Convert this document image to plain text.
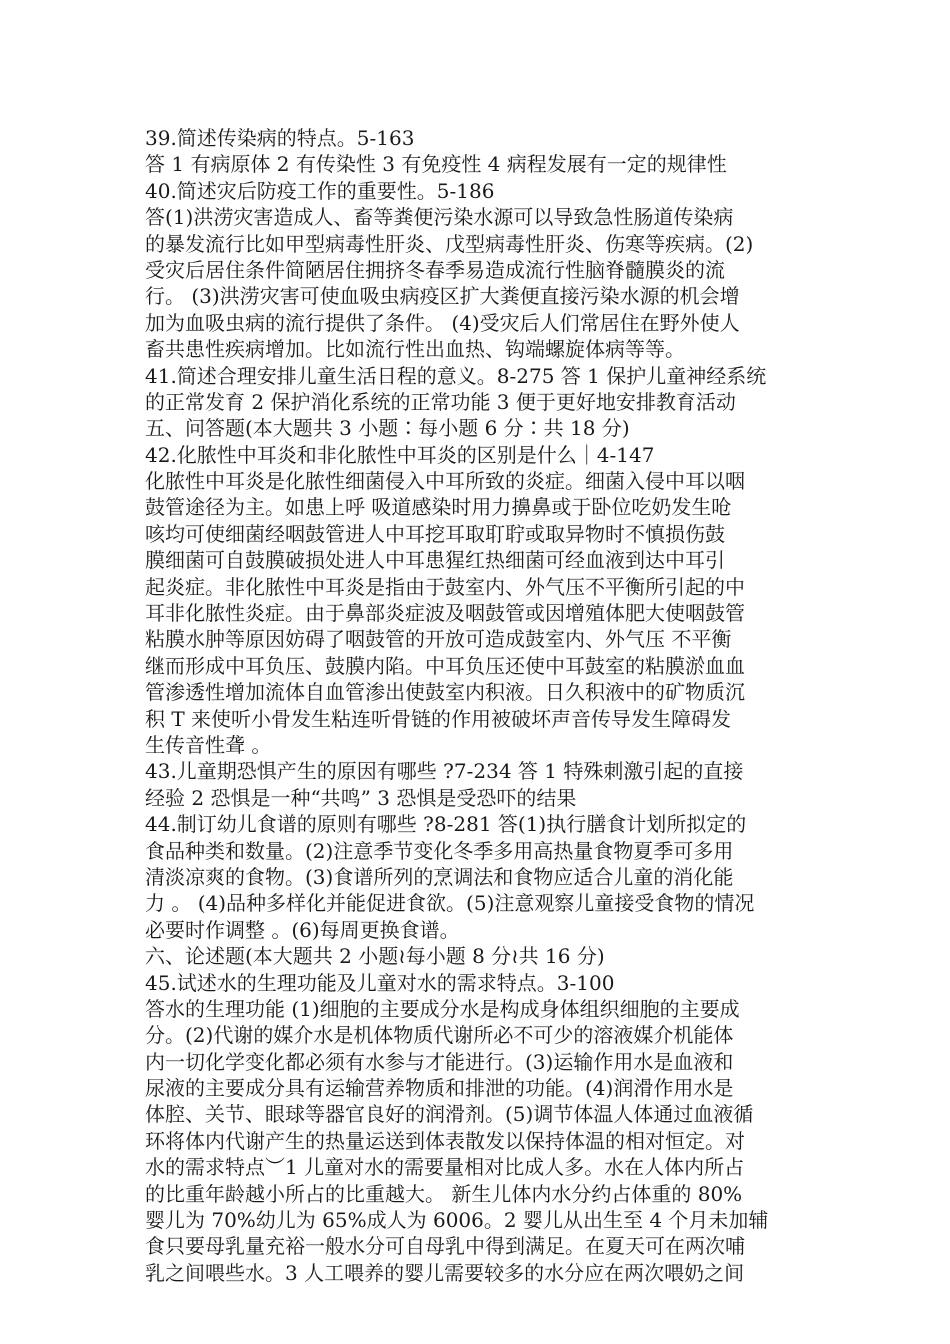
39.简述传染病的特点。5-163
答 1 有病原体 2 有传染性 3 有免疫性 4 病程发展有一定的规律性
40.简述灾后防疫工作的重要性。5-186
答(1)洪涝灾害造成人、畜等粪便污染水源可以导致急性肠道传染病
的暴发流行比如甲型病毒性肝炎、戊型病毒性肝炎、伤寒等疾病。(2)
受灾后居住条件简陋居住拥挤冬春季易造成流行性脑脊髓膜炎的流
行。 (3)洪涝灾害可使血吸虫病疫区扩大粪便直接污染水源的机会增
加为血吸虫病的流行提供了条件。 (4)受灾后人们常居住在野外使人
畜共患性疾病增加。比如流行性出血热、钩端螺旋体病等等。
41.简述合理安排儿童生活日程的意义。8-275 答 1 保护儿童神经系统
的正常发育 2 保护消化系统的正常功能 3 便于更好地安排教育活动
五、问答题(本大题共 3 小题∶每小题 6 分∶共 18 分)
42.化脓性中耳炎和非化脓性中耳炎的区别是什么｜4-147
化脓性中耳炎是化脓性细菌侵入中耳所致的炎症。细菌入侵中耳以咽
鼓管途径为主。如患上呼 吸道感染时用力擤鼻或于卧位吃奶发生呛
咳均可使细菌经咽鼓管进人中耳挖耳取耵聍或取异物时不慎损伤鼓
膜细菌可自鼓膜破损处进人中耳患猩红热细菌可经血液到达中耳引
起炎症。非化脓性中耳炎是指由于鼓室内、外气压不平衡所引起的中
耳非化脓性炎症。由于鼻部炎症波及咽鼓管或因增殖体肥大使咽鼓管
粘膜水肿等原因妨碍了咽鼓管的开放可造成鼓室内、外气压 不平衡
继而形成中耳负压、鼓膜内陷。中耳负压还使中耳鼓室的粘膜淤血血
管渗透性增加流体自血管渗出使鼓室内积液。日久积液中的矿物质沉
积 T 来使听小骨发生粘连听骨链的作用被破坏声音传导发生障碍发
生传音性聋 。
43.儿童期恐惧产生的原因有哪些 ?7-234 答 1 特殊刺激引起的直接
经验 2 恐惧是一种“共鸣” 3 恐惧是受恐吓的结果
44.制订幼儿食谱的原则有哪些 ?8-281 答(1)执行膳食计划所拟定的
食品种类和数量。(2)注意季节变化冬季多用高热量食物夏季可多用
清淡凉爽的食物。(3)食谱所列的烹调法和食物应适合儿童的消化能
力 。 (4)品种多样化并能促进食欲。(5)注意观察儿童接受食物的情况
必要时作调整 。(6)每周更换食谱。
六、论述题(本大题共 2 小题≀每小题 8 分≀共 16 分)
45.试述水的生理功能及儿童对水的需求特点。3-100
答水的生理功能 (1)细胞的主要成分水是构成身体组织细胞的主要成
分。(2)代谢的媒介水是机体物质代谢所必不可少的溶液媒介机能体
内一切化学变化都必须有水参与才能进行。(3)运输作用水是血液和
尿液的主要成分具有运输营养物质和排泄的功能。(4)润滑作用水是
体腔、关节、眼球等器官良好的润滑剂。(5)调节体温人体通过血液循
环将体内代谢产生的热量运送到体表散发以保持体温的相对恒定。对
水的需求特点︶1 儿童对水的需要量相对比成人多。水在人体内所占
的比重年龄越小所占的比重越大。 新生儿体内水分约占体重的 80%
婴儿为 70%幼儿为 65%成人为 6006。2 婴儿从出生至 4 个月未加辅
食只要母乳量充裕一般水分可自母乳中得到满足。在夏天可在两次哺
乳之间喂些水。3 人工喂养的婴儿需要较多的水分应在两次喂奶之间
